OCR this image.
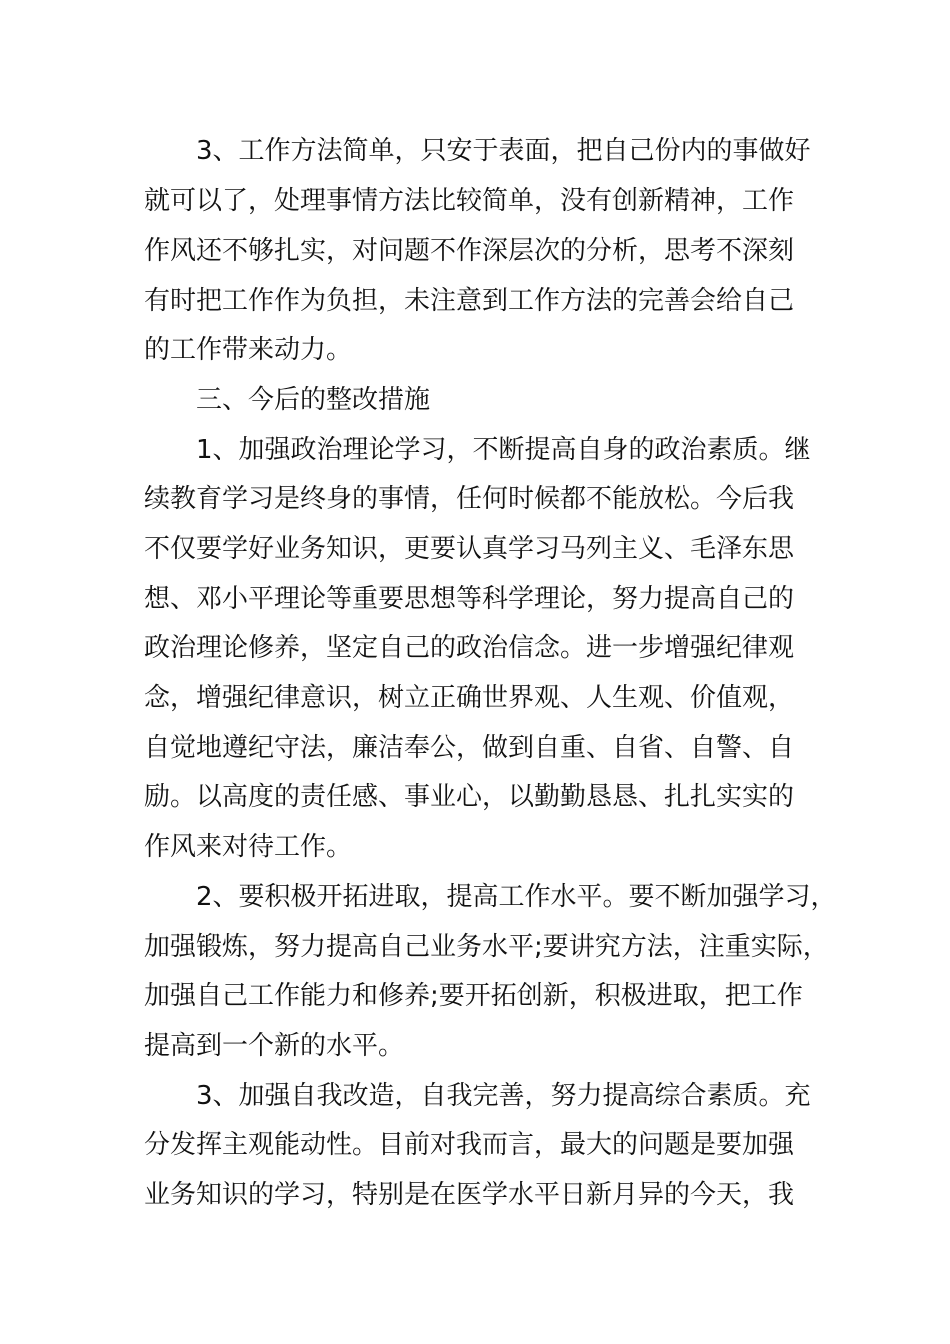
3、工作方法简单，只安于表面，把自己份内的事做好
就可以了，处理事情方法比较简单，没有创新精神，工作
作风还不够扎实，对问题不作深层次的分析，思考不深刻
有时把工作作为负担，未注意到工作方法的完善会给自己
的工作带来动力。
三、今后的整改措施
1、加强政治理论学习，不断提高自身的政治素质。继
续教育学习是终身的事情，任何时候都不能放松。今后我
不仅要学好业务知识，更要认真学习马列主义、毛泽东思
想、邓小平理论等重要思想等科学理论，努力提高自己的
政治理论修养，坚定自己的政治信念。进一步增强纪律观
念，增强纪律意识，树立正确世界观、人生观、价值观，
自觉地遵纪守法，廉洁奉公，做到自重、自省、自警、自
励。以高度的责任感、事业心，以勤勤恳恳、扎扎实实的
作风来对待工作。
2、要积极开拓进取，提高工作水平。要不断加强学习，
加强锻炼，努力提高自己业务水平;要讲究方法，注重实际，
加强自己工作能力和修养;要开拓创新，积极进取，把工作
提高到一个新的水平。
3、加强自我改造，自我完善，努力提高综合素质。充
分发挥主观能动性。目前对我而言，最大的问题是要加强
业务知识的学习，特别是在医学水平日新月异的今天，我
